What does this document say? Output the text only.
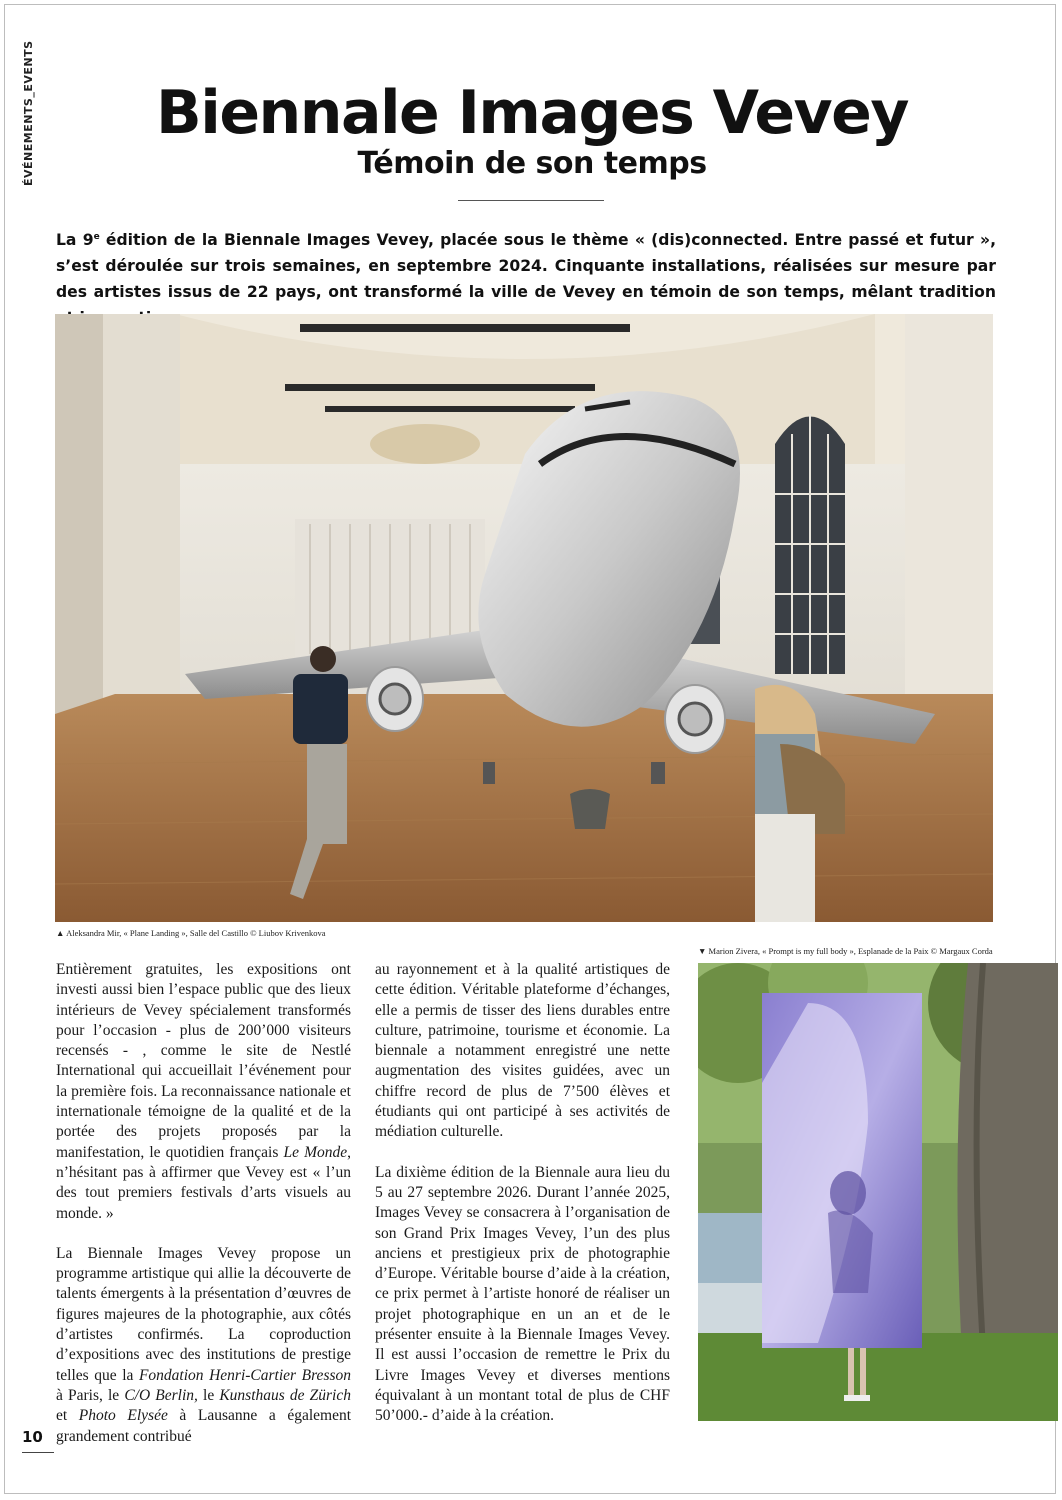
ÉVÉNEMENTS_EVENTS	Biennale Images Vevey
Témoin de son temps

La 9e édition de la Biennale Images Vevey, placée sous le thème « (dis)connected. Entre passé et futur », s’est déroulée sur trois semaines, en septembre 2024. Cinquante installations, réalisées sur mesure par des artistes issus de 22 pays, ont transformé la ville de Vevey en témoin de son temps, mêlant tradition

▲ Aleksandra Mir, « Plane Landing », Salle del Castillo © Liubov Krivenkova
▼ Marion Zivera, « Prompt is my full body », Esplanade de la Paix © Margaux Corda

Entièrement gratuites, les expositions ont investi aussi bien l’espace public que des lieux intérieurs de Vevey spécialement transformés pour l’occasion - plus de 200’000 visiteurs recensés - , comme le site de Nestlé International qui accueillait l’événement pour la première fois. La reconnaissance nationale et internationale témoigne de la qualité et de la portée des projets proposés par la manifestation, le quotidien français Le Monde, n’hésitant pas à affirmer que Vevey est « l’un des tout premiers festivals d’arts visuels au monde. »

La Biennale Images Vevey propose un programme artistique qui allie la découverte de talents émergents à la présentation d’œuvres de figures majeures de la photographie, aux côtés d’artistes confirmés. La coproduction d’expositions avec des institutions de prestige telles que la Fondation Henri-Cartier Bresson à Paris, le C/O Berlin, le Kunsthaus de Zürich et Photo Elysée à Lausanne a également grandement contribué

au rayonnement et à la qualité artistiques de cette édition. Véritable plateforme d’échanges, elle a permis de tisser des liens durables entre culture, patrimoine, tourisme et économie. La biennale a notamment enregistré une nette augmentation des visites guidées, avec un chiffre record de plus de 7’500 élèves et étudiants qui ont participé à ses activités de médiation culturelle.

La dixième édition de la Biennale aura lieu du 5 au 27 septembre 2026. Durant l’année 2025, Images Vevey se consacrera à l’organisation de son Grand Prix Images Vevey, l’un des plus anciens et prestigieux prix de photographie d’Europe. Véritable bourse d’aide à la création, ce prix permet à l’artiste honoré de réaliser un projet photographique en un an et de le présenter ensuite à la Biennale Images Vevey. Il est aussi l’occasion de remettre le Prix du Livre Images Vevey et diverses mentions équivalant à un montant total de plus de CHF 50’000.- d’aide à la création.

10
